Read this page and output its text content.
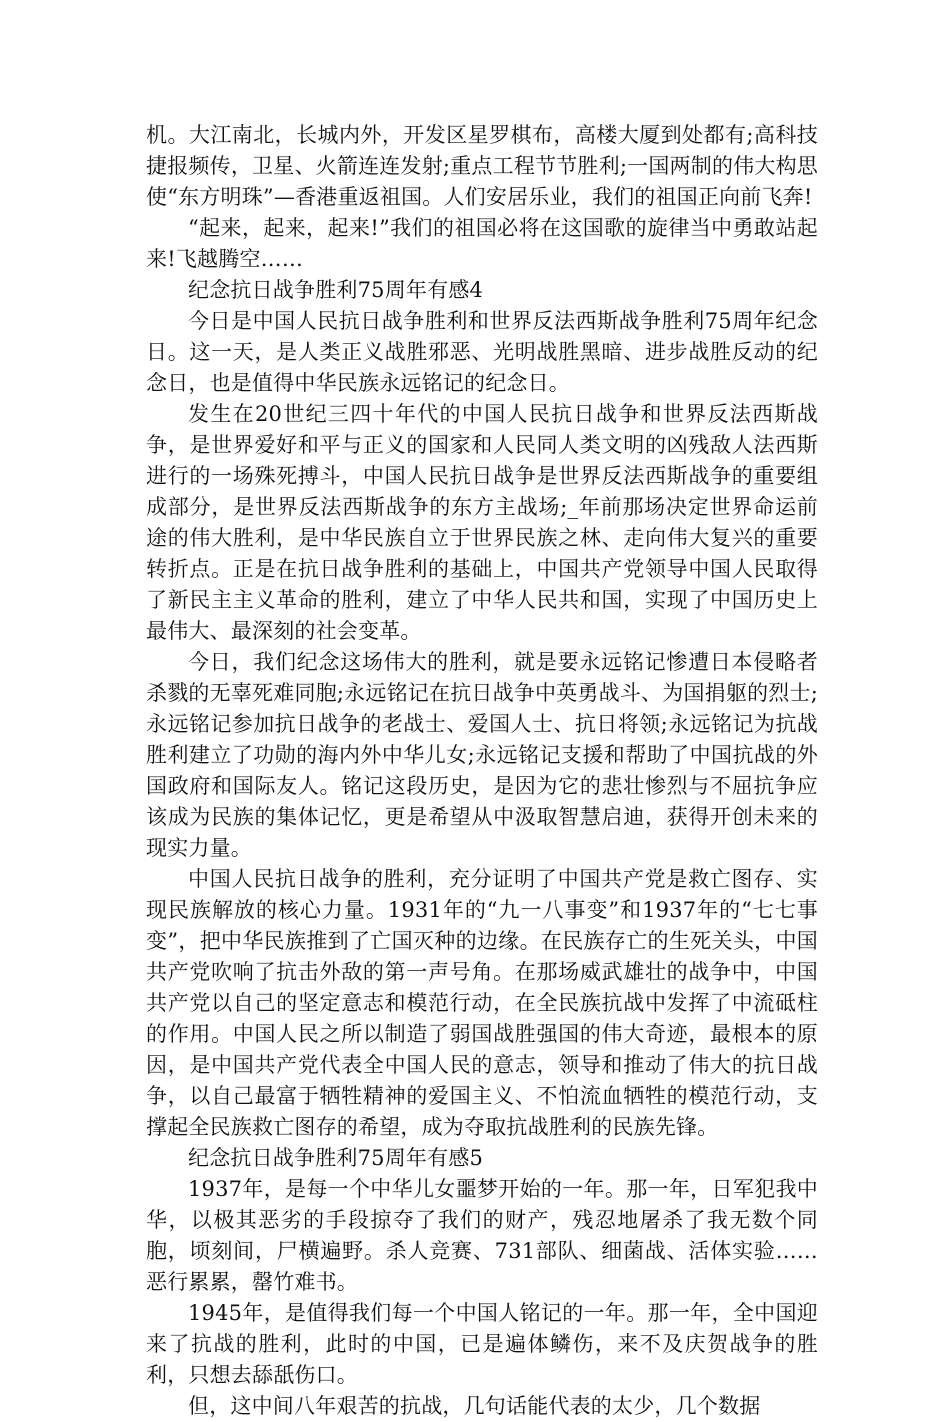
机。大江南北，长城内外，开发区星罗棋布，高楼大厦到处都有;高科技捷报频传，卫星、火箭连连发射;重点工程节节胜利;一国两制的伟大构思使“东方明珠”—香港重返祖国。人们安居乐业，我们的祖国正向前飞奔!

“起来，起来，起来!”我们的祖国必将在这国歌的旋律当中勇敢站起来!飞越腾空……

纪念抗日战争胜利75周年有感4

今日是中国人民抗日战争胜利和世界反法西斯战争胜利75周年纪念日。这一天，是人类正义战胜邪恶、光明战胜黑暗、进步战胜反动的纪念日，也是值得中华民族永远铭记的纪念日。

发生在20世纪三四十年代的中国人民抗日战争和世界反法西斯战争，是世界爱好和平与正义的国家和人民同人类文明的凶残敌人法西斯进行的一场殊死搏斗，中国人民抗日战争是世界反法西斯战争的重要组成部分，是世界反法西斯战争的东方主战场;_年前那场决定世界命运前途的伟大胜利，是中华民族自立于世界民族之林、走向伟大复兴的重要转折点。正是在抗日战争胜利的基础上，中国共产党领导中国人民取得了新民主主义革命的胜利，建立了中华人民共和国，实现了中国历史上最伟大、最深刻的社会变革。

今日，我们纪念这场伟大的胜利，就是要永远铭记惨遭日本侵略者杀戮的无辜死难同胞;永远铭记在抗日战争中英勇战斗、为国捐躯的烈士;永远铭记参加抗日战争的老战士、爱国人士、抗日将领;永远铭记为抗战胜利建立了功勋的海内外中华儿女;永远铭记支援和帮助了中国抗战的外国政府和国际友人。铭记这段历史，是因为它的悲壮惨烈与不屈抗争应该成为民族的集体记忆，更是希望从中汲取智慧启迪，获得开创未来的现实力量。

中国人民抗日战争的胜利，充分证明了中国共产党是救亡图存、实现民族解放的核心力量。1931年的“九一八事变”和1937年的“七七事变”，把中华民族推到了亡国灭种的边缘。在民族存亡的生死关头，中国共产党吹响了抗击外敌的第一声号角。在那场威武雄壮的战争中，中国共产党以自己的坚定意志和模范行动，在全民族抗战中发挥了中流砥柱的作用。中国人民之所以制造了弱国战胜强国的伟大奇迹，最根本的原因，是中国共产党代表全中国人民的意志，领导和推动了伟大的抗日战争，以自己最富于牺牲精神的爱国主义、不怕流血牺牲的模范行动，支撑起全民族救亡图存的希望，成为夺取抗战胜利的民族先锋。

纪念抗日战争胜利75周年有感5

1937年，是每一个中华儿女噩梦开始的一年。那一年，日军犯我中华，以极其恶劣的手段掠夺了我们的财产，残忍地屠杀了我无数个同胞，顷刻间，尸横遍野。杀人竞赛、731部队、细菌战、活体实验……恶行累累，罄竹难书。

1945年，是值得我们每一个中国人铭记的一年。那一年，全中国迎来了抗战的胜利，此时的中国，已是遍体鳞伤，来不及庆贺战争的胜利，只想去舔舐伤口。

但，这中间八年艰苦的抗战，几句话能代表的太少，几个数据
